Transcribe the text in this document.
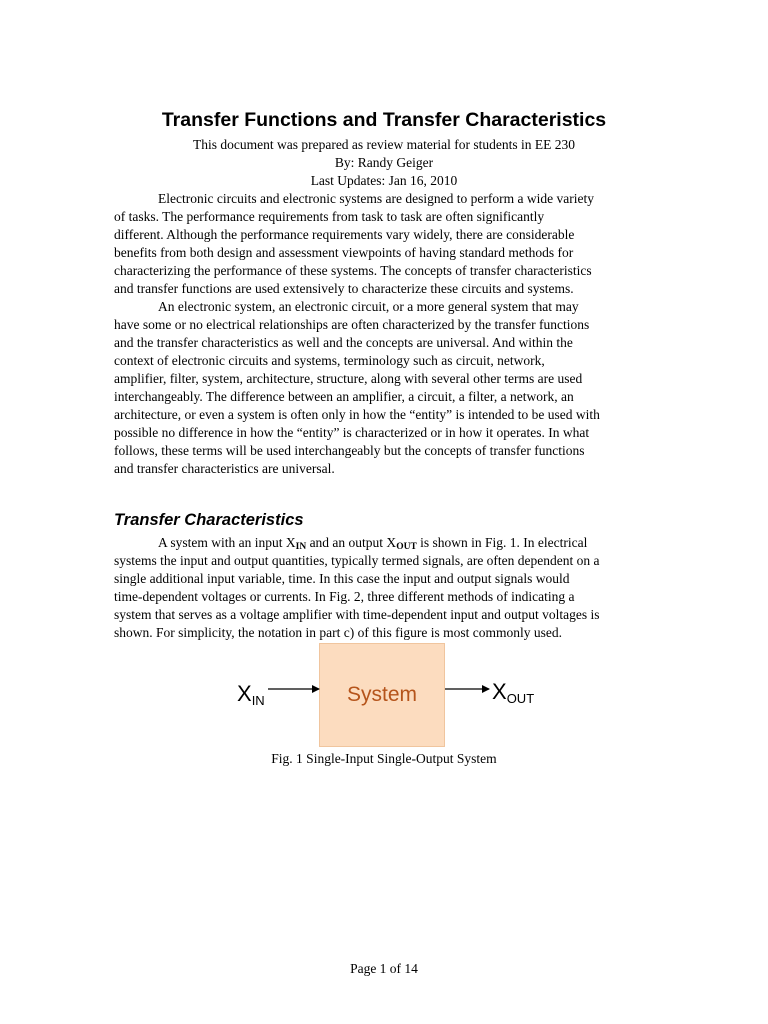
Transfer Functions and Transfer Characteristics
This document was prepared as review material for students in EE 230
By: Randy Geiger
Last Updates: Jan 16, 2010
Electronic circuits and electronic systems are designed to perform a wide variety
of tasks. The performance requirements from task to task are often significantly
different. Although the performance requirements vary widely, there are considerable
benefits from both design and assessment viewpoints of having standard methods for
characterizing the performance of these systems. The concepts of transfer characteristics
and transfer functions are used extensively to characterize these circuits and systems.
An electronic system, an electronic circuit, or a more general system that may
have some or no electrical relationships are often characterized by the transfer functions
and the transfer characteristics as well and the concepts are universal. And within the
context of electronic circuits and systems, terminology such as circuit, network,
amplifier, filter, system, architecture, structure, along with several other terms are used
interchangeably. The difference between an amplifier, a circuit, a filter, a network, an
architecture, or even a system is often only in how the “entity” is intended to be used with
possible no difference in how the “entity” is characterized or in how it operates. In what
follows, these terms will be used interchangeably but the concepts of transfer functions
and transfer characteristics are universal.
Transfer Characteristics
A system with an input $X_{IN}$ and an output $X_{OUT}$ is shown in Fig. 1. In electrical
systems the input and output quantities, typically termed signals, are often dependent on a
single additional input variable, time. In this case the input and output signals would
time-dependent voltages or currents. In Fig. 2, three different methods of indicating a
system that serves as a voltage amplifier with time-dependent input and output voltages is
shown. For simplicity, the notation in part c) of this figure is most commonly used.
System
$X_{IN}$	$X_{OUT}$
Fig. 1 Single-Input Single-Output System
Page 1 of 14
